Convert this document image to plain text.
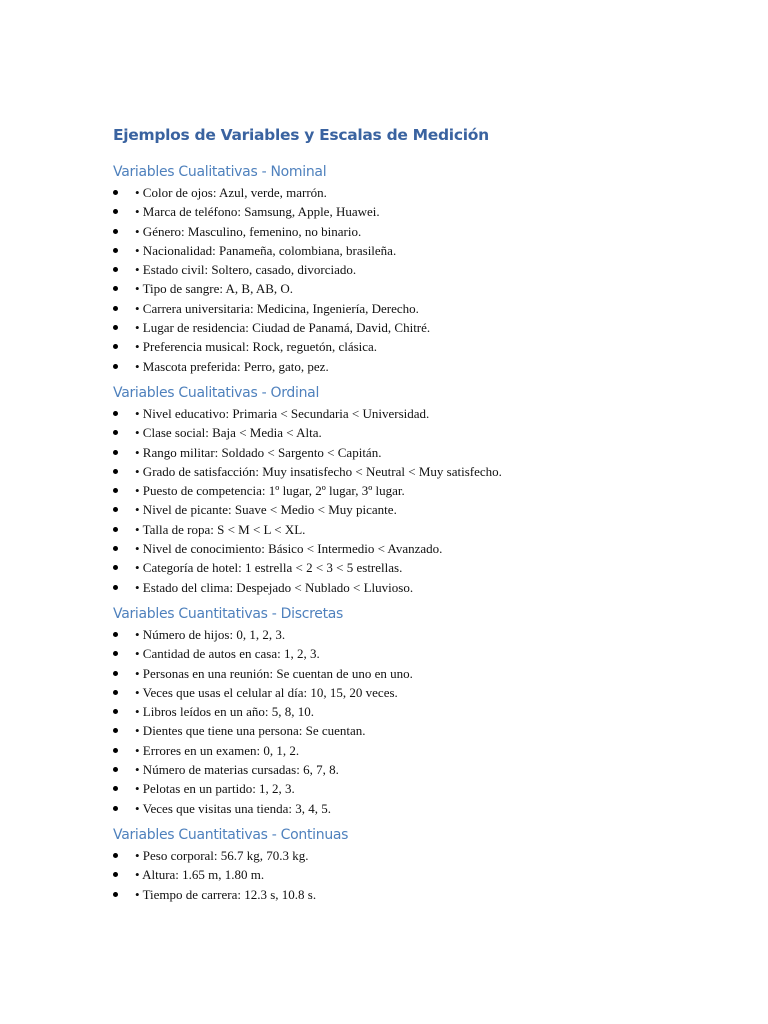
Ejemplos de Variables y Escalas de Medición
Variables Cualitativas - Nominal
• Color de ojos: Azul, verde, marrón.
• Marca de teléfono: Samsung, Apple, Huawei.
• Género: Masculino, femenino, no binario.
• Nacionalidad: Panameña, colombiana, brasileña.
• Estado civil: Soltero, casado, divorciado.
• Tipo de sangre: A, B, AB, O.
• Carrera universitaria: Medicina, Ingeniería, Derecho.
• Lugar de residencia: Ciudad de Panamá, David, Chitré.
• Preferencia musical: Rock, reguetón, clásica.
• Mascota preferida: Perro, gato, pez.
Variables Cualitativas - Ordinal
• Nivel educativo: Primaria < Secundaria < Universidad.
• Clase social: Baja < Media < Alta.
• Rango militar: Soldado < Sargento < Capitán.
• Grado de satisfacción: Muy insatisfecho < Neutral < Muy satisfecho.
• Puesto de competencia: 1º lugar, 2º lugar, 3º lugar.
• Nivel de picante: Suave < Medio < Muy picante.
• Talla de ropa: S < M < L < XL.
• Nivel de conocimiento: Básico < Intermedio < Avanzado.
• Categoría de hotel: 1 estrella < 2 < 3 < 5 estrellas.
• Estado del clima: Despejado < Nublado < Lluvioso.
Variables Cuantitativas - Discretas
• Número de hijos: 0, 1, 2, 3.
• Cantidad de autos en casa: 1, 2, 3.
• Personas en una reunión: Se cuentan de uno en uno.
• Veces que usas el celular al día: 10, 15, 20 veces.
• Libros leídos en un año: 5, 8, 10.
• Dientes que tiene una persona: Se cuentan.
• Errores en un examen: 0, 1, 2.
• Número de materias cursadas: 6, 7, 8.
• Pelotas en un partido: 1, 2, 3.
• Veces que visitas una tienda: 3, 4, 5.
Variables Cuantitativas - Continuas
• Peso corporal: 56.7 kg, 70.3 kg.
• Altura: 1.65 m, 1.80 m.
• Tiempo de carrera: 12.3 s, 10.8 s.
